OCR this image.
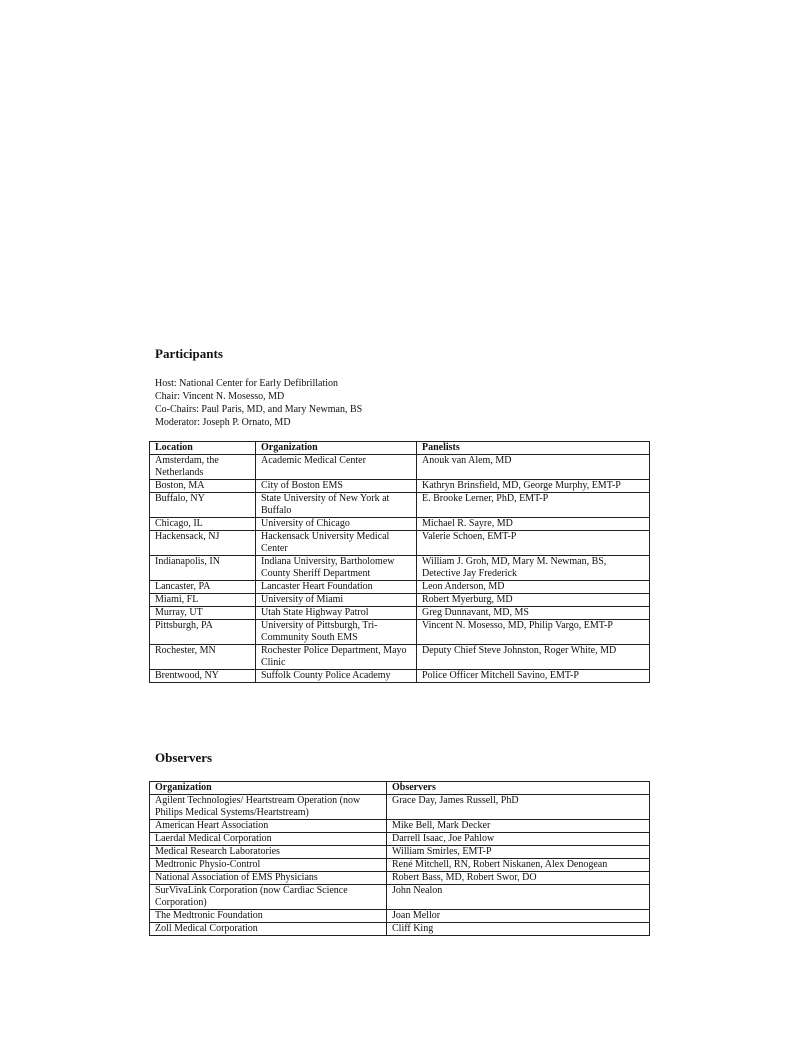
Participants
Host: National Center for Early Defibrillation
Chair: Vincent N. Mosesso, MD
Co-Chairs: Paul Paris, MD, and Mary Newman, BS
Moderator: Joseph P. Ornato, MD
Location	Organization	Panelists
Amsterdam, the Netherlands	Academic Medical Center	Anouk van Alem, MD
Boston, MA	City of Boston EMS	Kathryn Brinsfield, MD, George Murphy, EMT-P
Buffalo, NY	State University of New York at Buffalo	E. Brooke Lerner, PhD, EMT-P
Chicago, IL	University of Chicago	Michael R. Sayre, MD
Hackensack, NJ	Hackensack University Medical Center	Valerie Schoen, EMT-P
Indianapolis, IN	Indiana University, Bartholomew County Sheriff Department	William J. Groh, MD, Mary M. Newman, BS, Detective Jay Frederick
Lancaster, PA	Lancaster Heart Foundation	Leon Anderson, MD
Miami, FL	University of Miami	Robert Myerburg, MD
Murray, UT	Utah State Highway Patrol	Greg Dunnavant, MD, MS
Pittsburgh, PA	University of Pittsburgh, Tri-Community South EMS	Vincent N. Mosesso, MD, Philip Vargo, EMT-P
Rochester, MN	Rochester Police Department, Mayo Clinic	Deputy Chief Steve Johnston, Roger White, MD
Brentwood, NY	Suffolk County Police Academy	Police Officer Mitchell Savino, EMT-P
Observers
Organization	Observers
Agilent Technologies/ Heartstream Operation (now Philips Medical Systems/Heartstream)	Grace Day, James Russell, PhD
American Heart Association	Mike Bell, Mark Decker
Laerdal Medical Corporation	Darrell Isaac, Joe Pahlow
Medical Research Laboratories	William Smirles, EMT-P
Medtronic Physio-Control	René Mitchell, RN, Robert Niskanen, Alex Denogean
National Association of EMS Physicians	Robert Bass, MD, Robert Swor, DO
SurVivaLink Corporation (now Cardiac Science Corporation)	John Nealon
The Medtronic Foundation	Joan Mellor
Zoll Medical Corporation	Cliff King
